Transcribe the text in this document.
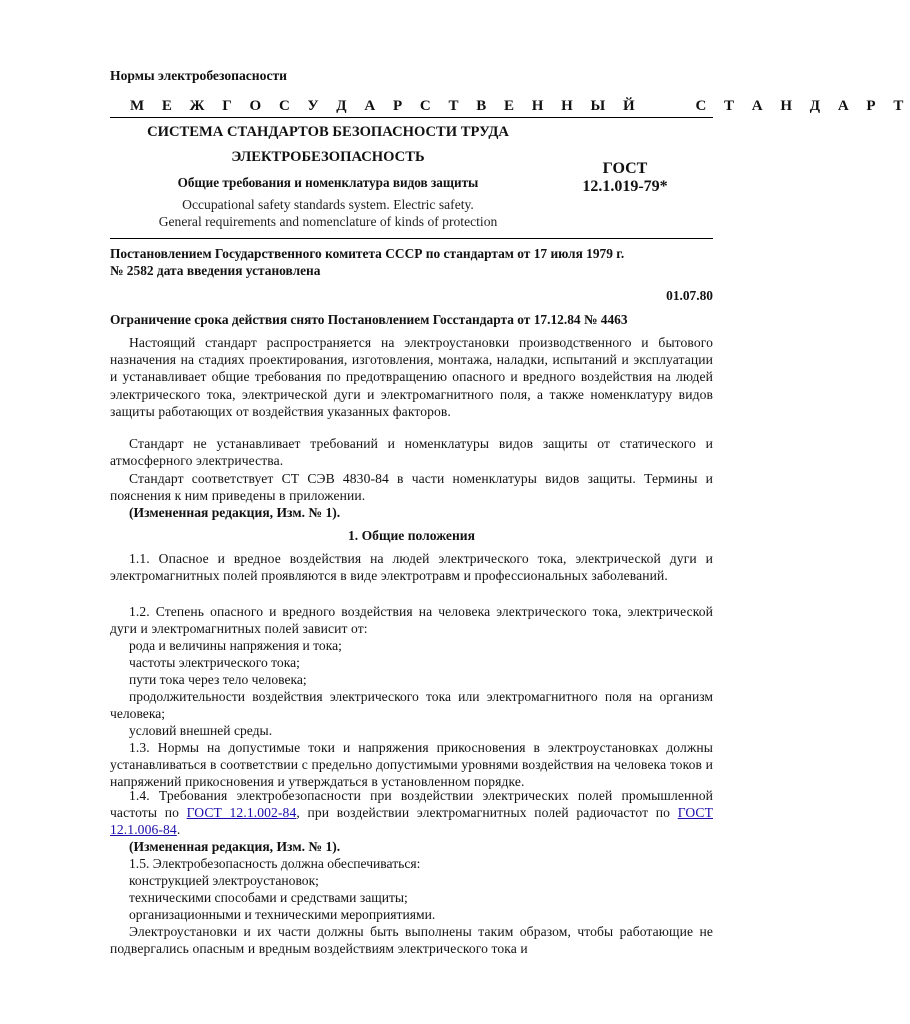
Нормы электробезопасности
М Е Ж Г О С У Д А Р С Т В Е Н Н Ы Й     С Т А Н Д А Р Т
СИСТЕМА СТАНДАРТОВ БЕЗОПАСНОСТИ ТРУДА
ЭЛЕКТРОБЕЗОПАСНОСТЬ
Общие требования и номенклатура видов защиты
Occupational safety standards system. Electric safety.
General requirements and nomenclature of kinds of protection
ГОСТ
12.1.019-79*
Постановлением Государственного комитета СССР по стандартам от 17 июля 1979 г.
№ 2582 дата введения установлена
01.07.80
Ограничение срока действия снято Постановлением Госстандарта от 17.12.84 № 4463
Настоящий стандарт распространяется на электроустановки производственного и бытового назначения на стадиях проектирования, изготовления, монтажа, наладки, испытаний и эксплуатации и устанавливает общие требования по предотвращению опасного и вредного воздействия на людей электрического тока, электрической дуги и электромагнитного поля, а также номенклатуру видов защиты работающих от воздействия указанных факторов.
Стандарт не устанавливает требований и номенклатуры видов защиты от статического и атмосферного электричества.
Стандарт соответствует СТ СЭВ 4830-84 в части номенклатуры видов защиты. Термины и пояснения к ним приведены в приложении.
(Измененная редакция, Изм. № 1).
1. Общие положения
1.1. Опасное и вредное воздействия на людей электрического тока, электрической дуги и электромагнитных полей проявляются в виде электротравм и профессиональных заболеваний.
1.2. Степень опасного и вредного воздействия на человека электрического тока, электрической дуги и электромагнитных полей зависит от:
рода и величины напряжения и тока;
частоты электрического тока;
пути тока через тело человека;
продолжительности воздействия электрического тока или электромагнитного поля на организм человека;
условий внешней среды.
1.3. Нормы на допустимые токи и напряжения прикосновения в электроустановках должны устанавливаться в соответствии с предельно допустимыми уровнями воздействия на человека токов и напряжений прикосновения и утверждаться в установленном порядке.
1.4. Требования электробезопасности при воздействии электрических полей промышленной частоты по ГОСТ 12.1.002-84, при воздействии электромагнитных полей радиочастот по ГОСТ 12.1.006-84.
(Измененная редакция, Изм. № 1).
1.5. Электробезопасность должна обеспечиваться:
конструкцией электроустановок;
техническими способами и средствами защиты;
организационными и техническими мероприятиями.
Электроустановки и их части должны быть выполнены таким образом, чтобы работающие не подвергались опасным и вредным воздействиям электрического тока и
